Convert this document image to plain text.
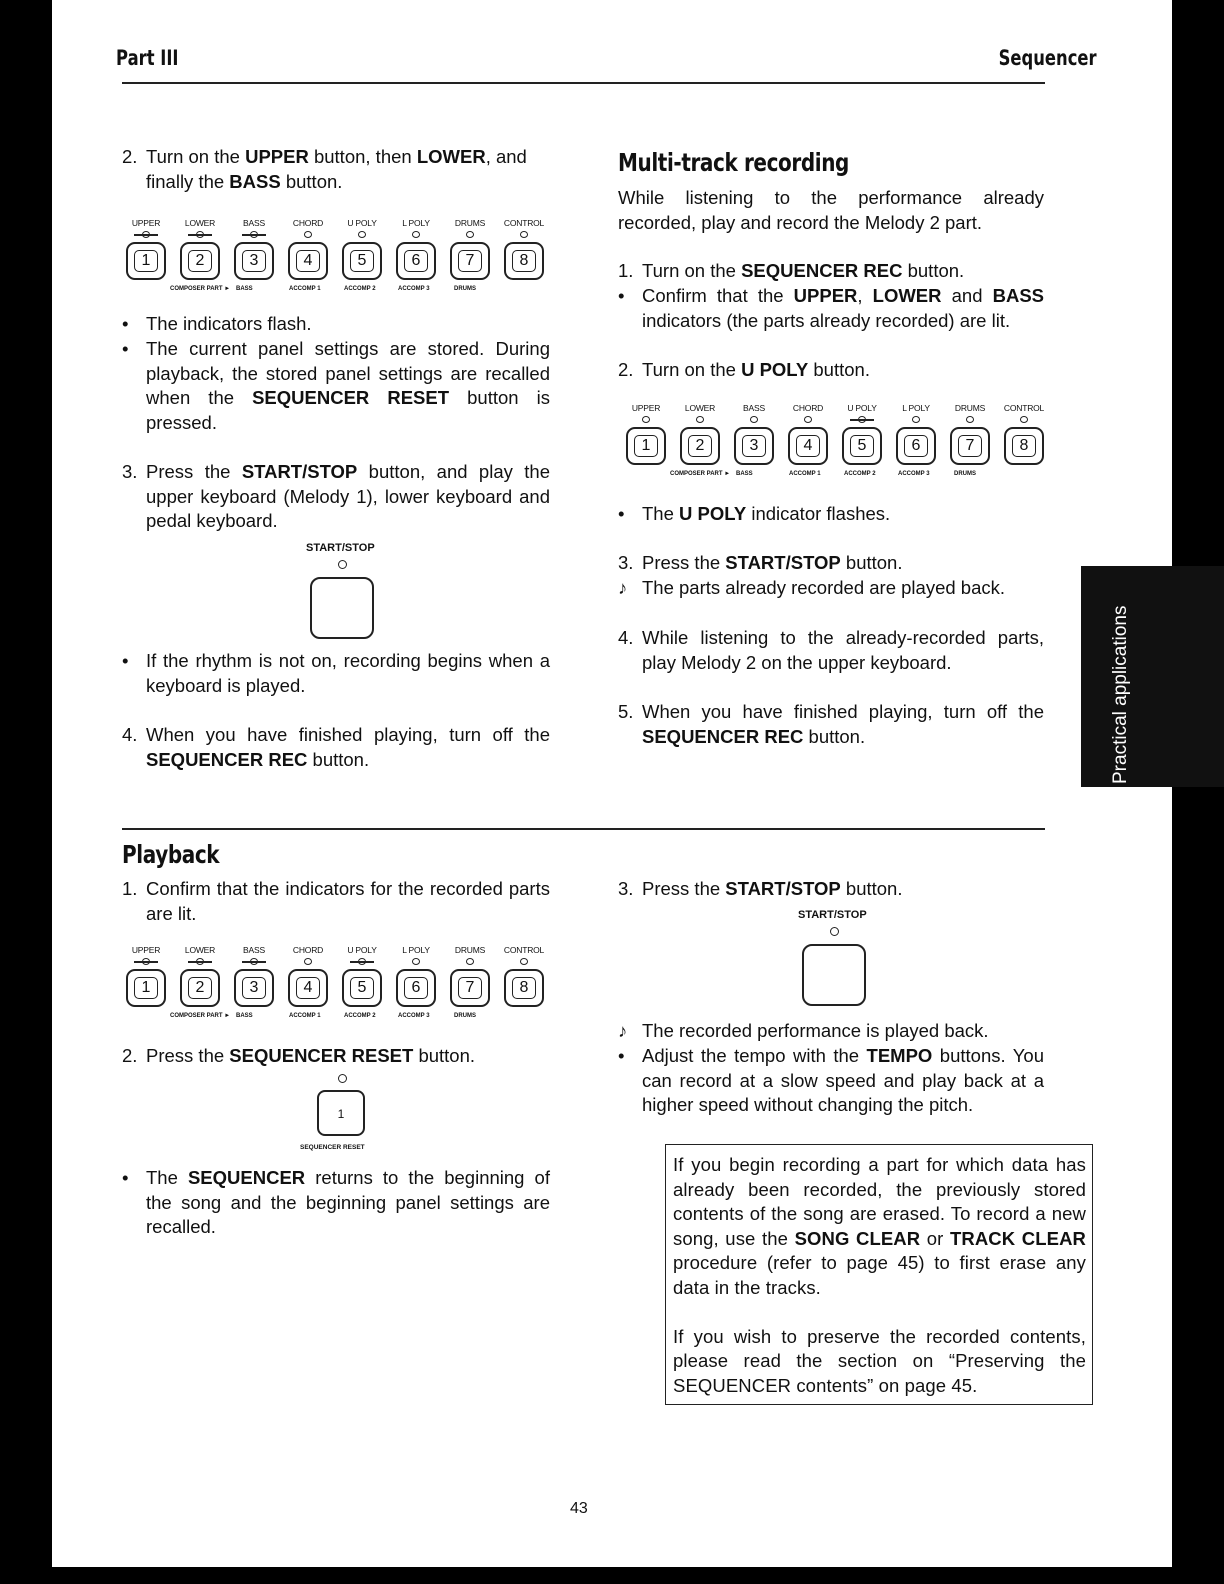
Part III	Sequencer
2. Turn on the UPPER button, then LOWER, and finally the BASS button.
UPPER
1
LOWER
2
BASS
3
CHORD
4
U POLY
5
L POLY
6
DRUMS
7
CONTROL
8
COMPOSER PART ► BASS	ACCOMP 1	ACCOMP 2	ACCOMP 3	DRUMS
• The indicators flash.
• The current panel settings are stored. During playback, the stored panel settings are recalled when the SEQUENCER RESET button is pressed.
3. Press the START/STOP button, and play the upper keyboard (Melody 1), lower keyboard and pedal keyboard.
START/STOP
• If the rhythm is not on, recording begins when a keyboard is played.
4. When you have finished playing, turn off the SEQUENCER REC button.
Multi-track recording
While listening to the performance already recorded, play and record the Melody 2 part.
1. Turn on the SEQUENCER REC button.
• Confirm that the UPPER, LOWER and BASS indicators (the parts already recorded) are lit.
2. Turn on the U POLY button.
UPPER
1
LOWER
2
BASS
3
CHORD
4
U POLY
5
L POLY
6
DRUMS
7
CONTROL
8
COMPOSER PART ► BASS	ACCOMP 1	ACCOMP 2	ACCOMP 3	DRUMS
• The U POLY indicator flashes.
3. Press the START/STOP button.
♪ The parts already recorded are played back.
4. While listening to the already-recorded parts, play Melody 2 on the upper keyboard.
5. When you have finished playing, turn off the SEQUENCER REC button.
Playback
1. Confirm that the indicators for the recorded parts are lit.
UPPER
1
LOWER
2
BASS
3
CHORD
4
U POLY
5
L POLY
6
DRUMS
7
CONTROL
8
COMPOSER PART ► BASS	ACCOMP 1	ACCOMP 2	ACCOMP 3	DRUMS
2. Press the SEQUENCER RESET button.
1
SEQUENCER RESET
• The SEQUENCER returns to the beginning of the song and the beginning panel settings are recalled.
3. Press the START/STOP button.
START/STOP
♪ The recorded performance is played back.
• Adjust the tempo with the TEMPO buttons. You can record at a slow speed and play back at a higher speed without changing the pitch.
If you begin recording a part for which data has already been recorded, the previously stored contents of the song are erased. To record a new song, use the SONG CLEAR or TRACK CLEAR procedure (refer to page 45) to first erase any data in the tracks.
If you wish to preserve the recorded contents, please read the section on “Preserving the SEQUENCER contents” on page 45.
43
Practical applications
